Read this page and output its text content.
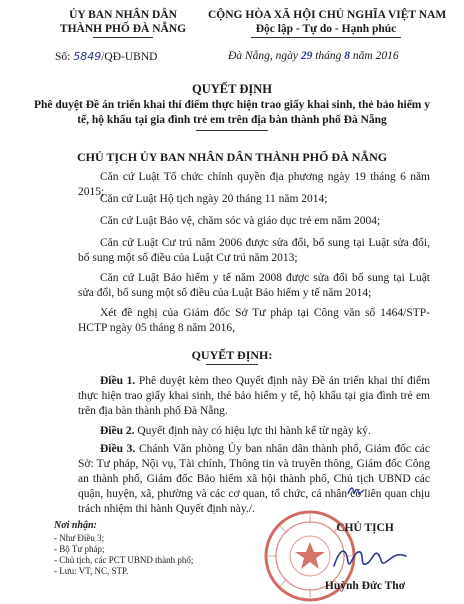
ỦY BAN NHÂN DÂN
THÀNH PHỐ ĐÀ NẴNG
CỘNG HÒA XÃ HỘI CHỦ NGHĨA VIỆT NAM
Độc lập - Tự do - Hạnh phúc
Số: 5849/QĐ-UBND	Đà Nẵng, ngày 29 tháng 8 năm 2016
QUYẾT ĐỊNH
Phê duyệt Đề án triển khai thí điểm thực hiện trao giấy khai sinh, thẻ bảo hiểm y tế, hộ khẩu tại gia đình trẻ em trên địa bàn thành phố Đà Nẵng
CHỦ TỊCH ỦY BAN NHÂN DÂN THÀNH PHỐ ĐÀ NẴNG
Căn cứ Luật Tổ chức chính quyền địa phương ngày 19 tháng 6 năm 2015;
Căn cứ Luật Hộ tịch ngày 20 tháng 11 năm 2014;
Căn cứ Luật Bảo vệ, chăm sóc và giáo dục trẻ em năm 2004;
Căn cứ Luật Cư trú năm 2006 được sửa đổi, bổ sung tại Luật sửa đổi, bổ sung một số điều của Luật Cư trú năm 2013;
Căn cứ Luật Bảo hiểm y tế năm 2008 được sửa đổi bổ sung tại Luật sửa đổi, bổ sung một số điều của Luật Bảo hiểm y tế năm 2014;
Xét đề nghị của Giám đốc Sở Tư pháp tại Công văn số 1464/STP-HCTP ngày 05 tháng 8 năm 2016,
QUYẾT ĐỊNH:
Điều 1. Phê duyệt kèm theo Quyết định này Đề án triển khai thí điểm thực hiện trao giấy khai sinh, thẻ bảo hiểm y tế, hộ khẩu tại gia đình trẻ em trên địa bàn thành phố Đà Nẵng.
Điều 2. Quyết định này có hiệu lực thi hành kể từ ngày ký.
Điều 3. Chánh Văn phòng Ủy ban nhân dân thành phố, Giám đốc các Sở: Tư pháp, Nội vụ, Tài chính, Thông tin và truyền thông, Giám đốc Công an thành phố, Giám đốc Bảo hiểm xã hội thành phố, Chủ tịch UBND các quận, huyện, xã, phường và các cơ quan, tổ chức, cá nhân có liên quan chịu trách nhiệm thi hành Quyết định này./.
Nơi nhận:
- Như Điều 3;
- Bộ Tư pháp;
- Chủ tịch, các PCT UBND thành phố;
- Lưu: VT, NC, STP.
CHỦ TỊCH
Huỳnh Đức Thơ
